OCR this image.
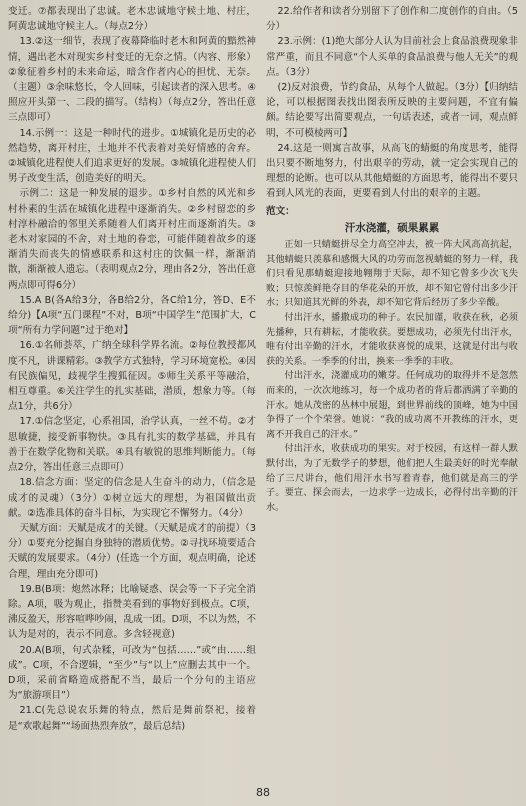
变迁。⑦都表现出了忠诚。老木忠诚地守候土地、村庄，阿黄忠诚地守候主人。（每点2分）

13.②这一细节，表现了夜幕降临时老木和阿黄的黯然神情，遇出老木对现实乡村变迁的无奈之情。（内容、形象）②象征着乡村的未来命运，暗含作者内心的担忧、无奈。（主题）③余味悠长，令人回味，引起读者的深入思考。④照应开头第一、二段的描写。（结构）（每点2分，答出任意三点即可）

14.示例一：这是一种时代的进步。①城镇化是历史的必然趋势，离开村庄，土地并不代表着对美好情感的舍弃。②城镇化进程使人们追求更好的发展。③城镇化进程使人们男子改变生活，创造美好的明天。

示例二：这是一种发展的退步。①乡村自然的风光和乡村朴素的生活在城镇化进程中逐渐消失。②乡村留恋的乡村淳朴融洽的邻里关系随着人们离开村庄而逐渐消失。③老木对家园的不舍，对土地的眷恋，可能伴随着故乡的逐渐消失而丧失的情感联系和这村庄的饮佩一样，渐渐消散，渐渐被人遗忘。（表明观点2分，理由各2分，答出任意两点即可得6分）

15.A B(各A给3分，各B给2分，各C给1分，答D、E不给分)【A项“五门课程”不对，B项“中国学生”范围扩大，C项“所有力学问题”过于绝对】

16.①名师荟萃，广纳全球科学界名流。②每位教授都风度不凡，讲课精彩。③教学方式独特，学习环境宽松。④因有民族偏见，歧视学生搜狐征因。⑤师生关系平等融洽，相互尊重。⑥关注学生的扎实基础，潜质，想象力等。（每点1分，共6分）

17.①信念坚定，心系祖国，治学认真，一丝不苟。②才思敏捷，接受新事物快。③具有扎实的数学基础，并具有善于在数学化物和关联。④具有敏锐的思维判断能力。（每点2分，答出任意三点即可）

18.信念方面：坚定的信念是人生奋斗的动力，（信念是成才的灵魂）（3分）①树立远大的理想，为祖国做出贡献。②选准具体的奋斗目标，为实现它不懈努力。（4分）

天赋方面：天赋是成才的关键。（天赋是成才的前提）（3分）①要充分挖掘自身独特的潜质优势。②寻找环境要适合天赋的发展要求。（4分）(任选一个方面，观点明确，论述合理，理由充分即可)

19.B(B项：炮然冰释；比喻疑惑、误会等一下子完全消除。A项，吸为观止，指赞美看到的事物好到极点。C项，沸反盈天，形容喧哗吵闹，乱成一团。D项，不以为然，不认为是对的，表示不同意。多含轻视意)

20.A(B项，句式杂糅，可改为“包括……”或“由……组成”。C项，不合逻辑，“至少”与“以上”应删去其中一个。D项，采前省略造成搭配不当，最后一个分句的主语应为“旅游项目”）

21.C(先总说农乐舞的特点，然后是舞前祭祀，接着是“欢歌起舞”“场面热烈奔放”，最后总结)

22.给作者和读者分别留下了创作和二度创作的自由。（5分）

23.示例：(1)绝大部分人认为目前社会上食品浪费现象非常严重，而且不同意“个人买单的食品浪费与他人无关”的观点。（3分）

(2)反对浪费，节约食品，从每个人做起。（3分）【归纳结论，可以根据图表找出图表所反映的主要问题，不宜有偏颇。结论要写出简要观点，一句话表述，或者一词，观点鲜明，不可模棱两可】

24.这是一则寓言故事，从高飞的蜻蜓的角度思考，能得出只要不断地努力，付出艰辛的劳动，就一定会实现自己的理想的论断。也可以从其他蜡蜓的方面思考，能得出不要只看到人风光的表面，更要看到人付出的艰辛的主题。

范文：

汗水浇灌，硕果累累

正如一只蜻蜓拼尽全力高空冲去，被一阵大风高高抗起，其他蜻蜓只羡慕和感慨大风的功劳而忽视蜻蜓的努力一样，我们只看见那蜻蜓迎接地翱翔于天际，却不知它曾多少次飞失败；只惊羡鲜艳夺目的华花朵的开放，却不知它曾付出多少汗水；只知道其光鲜的外表，却不知它背后经历了多少辛酸。

付出汗水，播撒成功的种子。农民加谨，收获在秋，必须先播种，只有耕耘，才能收获。要想成功，必须先付出汗水，唯有付出辛勤的汗水，才能收获喜悦的成果，这就是付出与收获的关系。一季季的付出，换来一季季的丰收。

付出汗水，浇灌成功的嫩芽。任何成功的取得并不是忽然而来的，一次次地练习，每一个成功者的背后都洒满了辛勤的汗水。她从茂密的丛林中展翅，到世界前线的顶峰，她为中国争得了一个个荣誉。她说：“我的成功离不开教练的汗水，更离不开我自己的汗水。”

付出汗水，收获成功的果实。对于校园，有这样一群人默默付出，为了无数学子的梦想，他们把人生最美好的时光奉献给了三尺讲台，他们用汗水书写着青春，他们就是高三的学子。要宣、探会而去，一边求学一边成长，必得付出辛勤的汗水。

88
